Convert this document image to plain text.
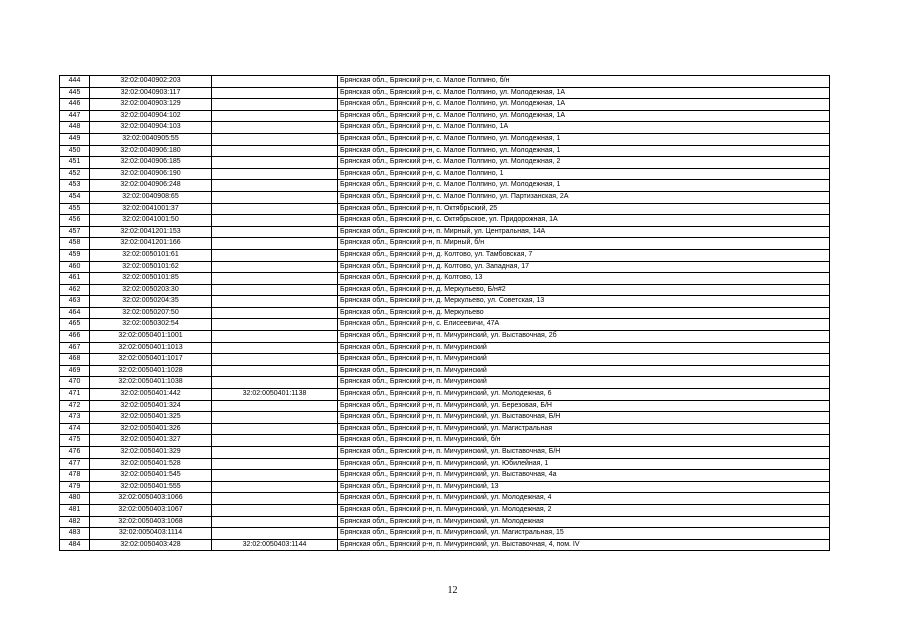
444	32:02:0040902:203		Брянская обл., Брянский р-н, с. Малое Полпино, б/н
445	32:02:0040903:117		Брянская обл., Брянский р-н, с. Малое Полпино, ул. Молодежная, 1А
446	32:02:0040903:129		Брянская обл., Брянский р-н, с. Малое Полпино, ул. Молодежная, 1А
447	32:02:0040904:102		Брянская обл., Брянский р-н, с. Малое Полпино, ул. Молодежная, 1А
448	32:02:0040904:103		Брянская обл., Брянский р-н, с. Малое Полпино, 1А
449	32:02:0040905:55		Брянская обл., Брянский р-н, с. Малое Полпино, ул. Молодежная, 1
450	32:02:0040906:180		Брянская обл., Брянский р-н, с. Малое Полпино, ул. Молодежная, 1
451	32:02:0040906:185		Брянская обл., Брянский р-н, с. Малое Полпино, ул. Молодежная, 2
452	32:02:0040906:190		Брянская обл., Брянский р-н, с. Малое Полпино, 1
453	32:02:0040906:248		Брянская обл., Брянский р-н, с. Малое Полпино, ул. Молодежная, 1
454	32:02:0040908:65		Брянская обл., Брянский р-н, с. Малое Полпино, ул. Партизанская, 2А
455	32:02:0041001:37		Брянская обл., Брянский р-н, п. Октябрьский, 25
456	32:02:0041001:50		Брянская обл., Брянский р-н, с. Октябрьское, ул. Придорожная, 1А
457	32:02:0041201:153		Брянская обл., Брянский р-н, п. Мирный, ул. Центральная, 14А
458	32:02:0041201:166		Брянская обл., Брянский р-н, п. Мирный, б/н
459	32:02:0050101:61		Брянская обл., Брянский р-н, д. Колтово, ул. Тамбовская, 7
460	32:02:0050101:62		Брянская обл., Брянский р-н, д. Колтово, ул. Западная, 17
461	32:02:0050101:85		Брянская обл., Брянский р-н, д. Колтово, 13
462	32:02:0050203:30		Брянская обл., Брянский р-н, д. Меркульево, Б/н#2
463	32:02:0050204:35		Брянская обл., Брянский р-н, д. Меркульево, ул. Советская, 13
464	32:02:0050207:50		Брянская обл., Брянский р-н, д. Меркульево
465	32:02:0050302:54		Брянская обл., Брянский р-н, с. Елисеевичи, 47А
466	32:02:0050401:1001		Брянская обл., Брянский р-н, п. Мичуринский, ул. Выставочная, 2б
467	32:02:0050401:1013		Брянская обл., Брянский р-н, п. Мичуринский
468	32:02:0050401:1017		Брянская обл., Брянский р-н, п. Мичуринский
469	32:02:0050401:1028		Брянская обл., Брянский р-н, п. Мичуринский
470	32:02:0050401:1038		Брянская обл., Брянский р-н, п. Мичуринский
471	32:02:0050401:442	32:02:0050401:1138	Брянская обл., Брянский р-н, п. Мичуринский, ул. Молодежная, 6
472	32:02:0050401:324		Брянская обл., Брянский р-н, п. Мичуринский, ул. Березовая, Б/Н
473	32:02:0050401:325		Брянская обл., Брянский р-н, п. Мичуринский, ул. Выставочная, Б/Н
474	32:02:0050401:326		Брянская обл., Брянский р-н, п. Мичуринский, ул. Магистральная
475	32:02:0050401:327		Брянская обл., Брянский р-н, п. Мичуринский, б/н
476	32:02:0050401:329		Брянская обл., Брянский р-н, п. Мичуринский, ул. Выставочная, Б/Н
477	32:02:0050401:528		Брянская обл., Брянский р-н, п. Мичуринский, ул. Юбилейная, 1
478	32:02:0050401:545		Брянская обл., Брянский р-н, п. Мичуринский, ул. Выставочная, 4а
479	32:02:0050401:555		Брянская обл., Брянский р-н, п. Мичуринский, 13
480	32:02:0050403:1066		Брянская обл., Брянский р-н, п. Мичуринский, ул. Молодежная, 4
481	32:02:0050403:1067		Брянская обл., Брянский р-н, п. Мичуринский, ул. Молодежная, 2
482	32:02:0050403:1068		Брянская обл., Брянский р-н, п. Мичуринский, ул. Молодежная
483	32:02:0050403:1114		Брянская обл., Брянский р-н, п. Мичуринский, ул. Магистральная, 15
484	32:02:0050403:428	32:02:0050403:1144	Брянская обл., Брянский р-н, п. Мичуринский, ул. Выставочная, 4, пом. IV
12
